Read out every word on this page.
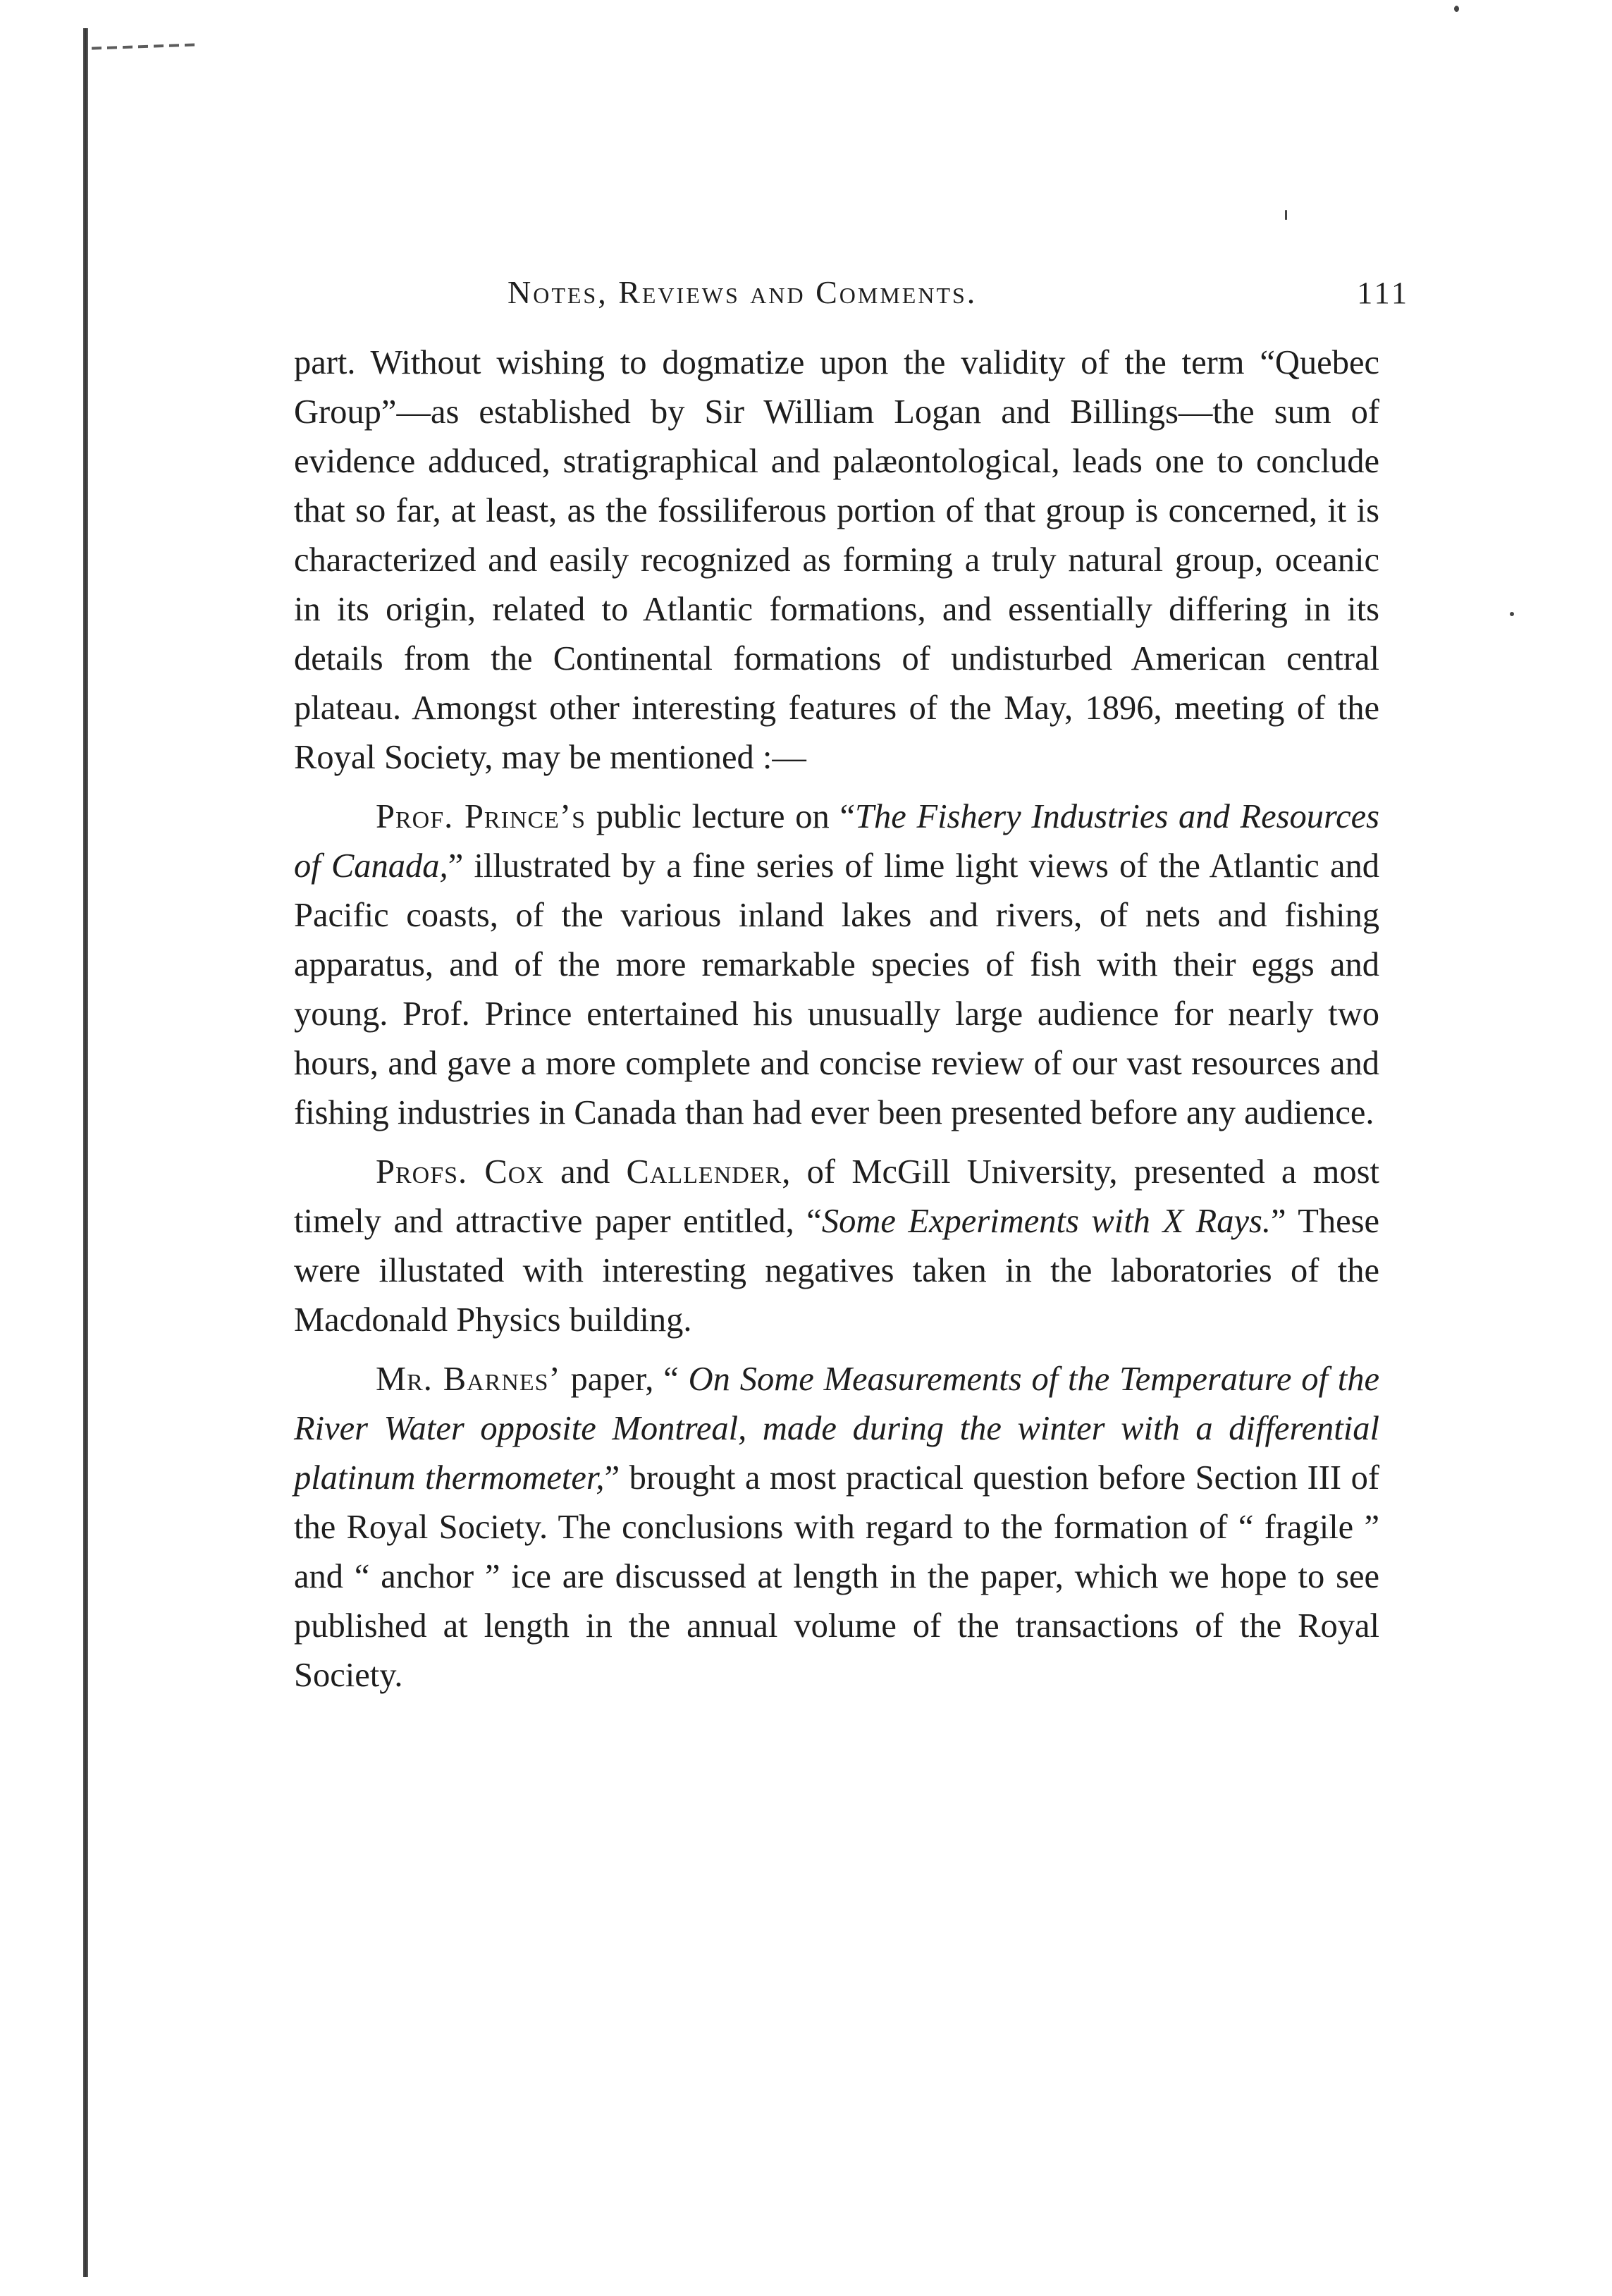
Notes, Reviews and Comments.	111

part. Without wishing to dogmatize upon the validity of the term “Quebec Group”—as established by Sir William Logan and Billings—the sum of evidence adduced, stratigraphical and palæontological, leads one to conclude that so far, at least, as the fossiliferous portion of that group is concerned, it is characterized and easily recognized as forming a truly natural group, oceanic in its origin, related to Atlantic formations, and essentially differing in its details from the Continental formations of undisturbed American central plateau. Amongst other interesting features of the May, 1896, meeting of the Royal Society, may be mentioned :—

Prof. Prince’s public lecture on “The Fishery Industries and Resources of Canada,” illustrated by a fine series of lime light views of the Atlantic and Pacific coasts, of the various inland lakes and rivers, of nets and fishing apparatus, and of the more remarkable species of fish with their eggs and young. Prof. Prince entertained his unusually large audience for nearly two hours, and gave a more complete and concise review of our vast resources and fishing industries in Canada than had ever been presented before any audience.

Profs. Cox and Callender, of McGill University, presented a most timely and attractive paper entitled, “Some Experiments with X Rays.” These were illustated with interesting negatives taken in the laboratories of the Macdonald Physics building.

Mr. Barnes’ paper, “ On Some Measurements of the Temperature of the River Water opposite Montreal, made during the winter with a differential platinum thermometer,” brought a most practical question before Section III of the Royal Society. The conclusions with regard to the formation of “ fragile ” and “ anchor ” ice are discussed at length in the paper, which we hope to see published at length in the annual volume of the transactions of the Royal Society.
